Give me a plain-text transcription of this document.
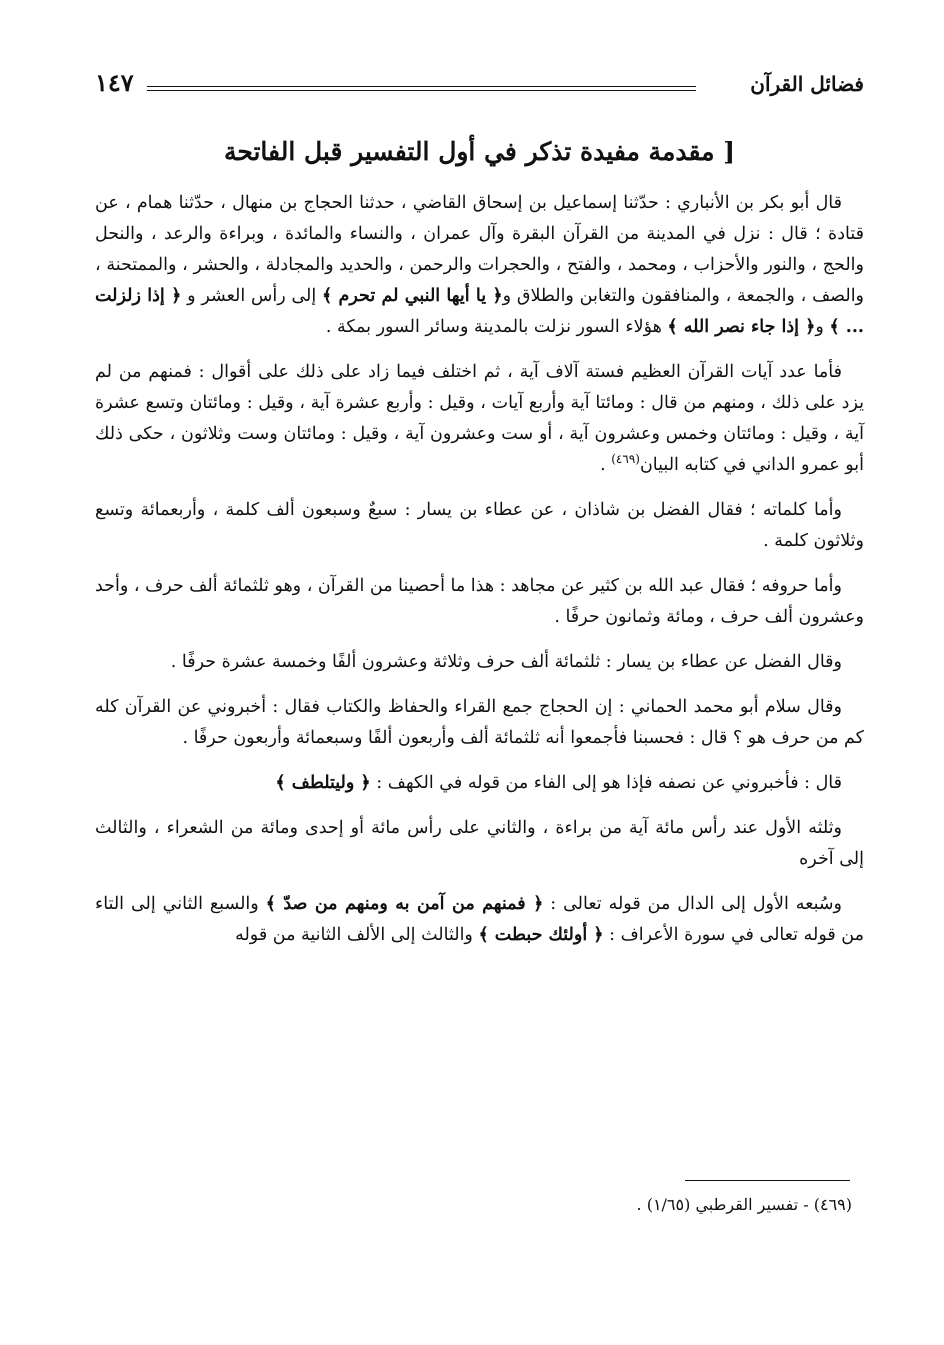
فضائل القرآن
١٤٧
[ مقدمة مفيدة تذكر في أول التفسير قبل الفاتحة

قال أبو بكر بن الأنباري : حدّثنا إسماعيل بن إسحاق القاضي ، حدثنا الحجاج بن منهال ، حدّثنا همام ، عن قتادة ؛ قال : نزل في المدينة من القرآن البقرة وآل عمران ، والنساء والمائدة ، وبراءة والرعد ، والنحل والحج ، والنور والأحزاب ، ومحمد ، والفتح ، والحجرات والرحمن ، والحديد والمجادلة ، والحشر ، والممتحنة ، والصف ، والجمعة ، والمنافقون والتغابن والطلاق و﴿ يا أيها النبي لم تحرم ﴾ إلى رأس العشر و ﴿ إذا زلزلت ... ﴾ و﴿ إذا جاء نصر الله ﴾ هؤلاء السور نزلت بالمدينة وسائر السور بمكة .

فأما عدد آيات القرآن العظيم فستة آلاف آية ، ثم اختلف فيما زاد على ذلك على أقوال : فمنهم من لم يزد على ذلك ، ومنهم من قال : ومائتا آية وأربع آيات ، وقيل : وأربع عشرة آية ، وقيل : ومائتان وتسع عشرة آية ، وقيل : ومائتان وخمس وعشرون آية ، أو ست وعشرون آية ، وقيل : ومائتان وست وثلاثون ، حكى ذلك أبو عمرو الداني في كتابه البيان$^{(٤٦٩)}$ .

وأما كلماته ؛ فقال الفضل بن شاذان ، عن عطاء بن يسار : سبعٌ وسبعون ألف كلمة ، وأربعمائة وتسع وثلاثون كلمة .

وأما حروفه ؛ فقال عبد الله بن كثير عن مجاهد : هذا ما أحصينا من القرآن ، وهو ثلثمائة ألف حرف ، وأحد وعشرون ألف حرف ، ومائة وثمانون حرفًا .

وقال الفضل عن عطاء بن يسار : ثلثمائة ألف حرف وثلاثة وعشرون ألفًا وخمسة عشرة حرفًا .

وقال سلام أبو محمد الحماني : إن الحجاج جمع القراء والحفاظ والكتاب فقال : أخبروني عن القرآن كله كم من حرف هو ؟ قال : فحسبنا فأجمعوا أنه ثلثمائة ألف وأربعون ألفًا وسبعمائة وأربعون حرفًا .

قال : فأخبروني عن نصفه فإذا هو إلى الفاء من قوله في الكهف : ﴿ وليتلطف ﴾

وثلثه الأول عند رأس مائة آية من براءة ، والثاني على رأس مائة أو إحدى ومائة من الشعراء ، والثالث إلى آخره

وسُبعه الأول إلى الدال من قوله تعالى : ﴿ فمنهم من آمن به ومنهم من صدّ ﴾ والسبع الثاني إلى التاء من قوله تعالى في سورة الأعراف : ﴿ أولئك حبطت ﴾ والثالث إلى الألف الثانية من قوله

(٤٦٩) - تفسير القرطبي (١/٦٥) .
